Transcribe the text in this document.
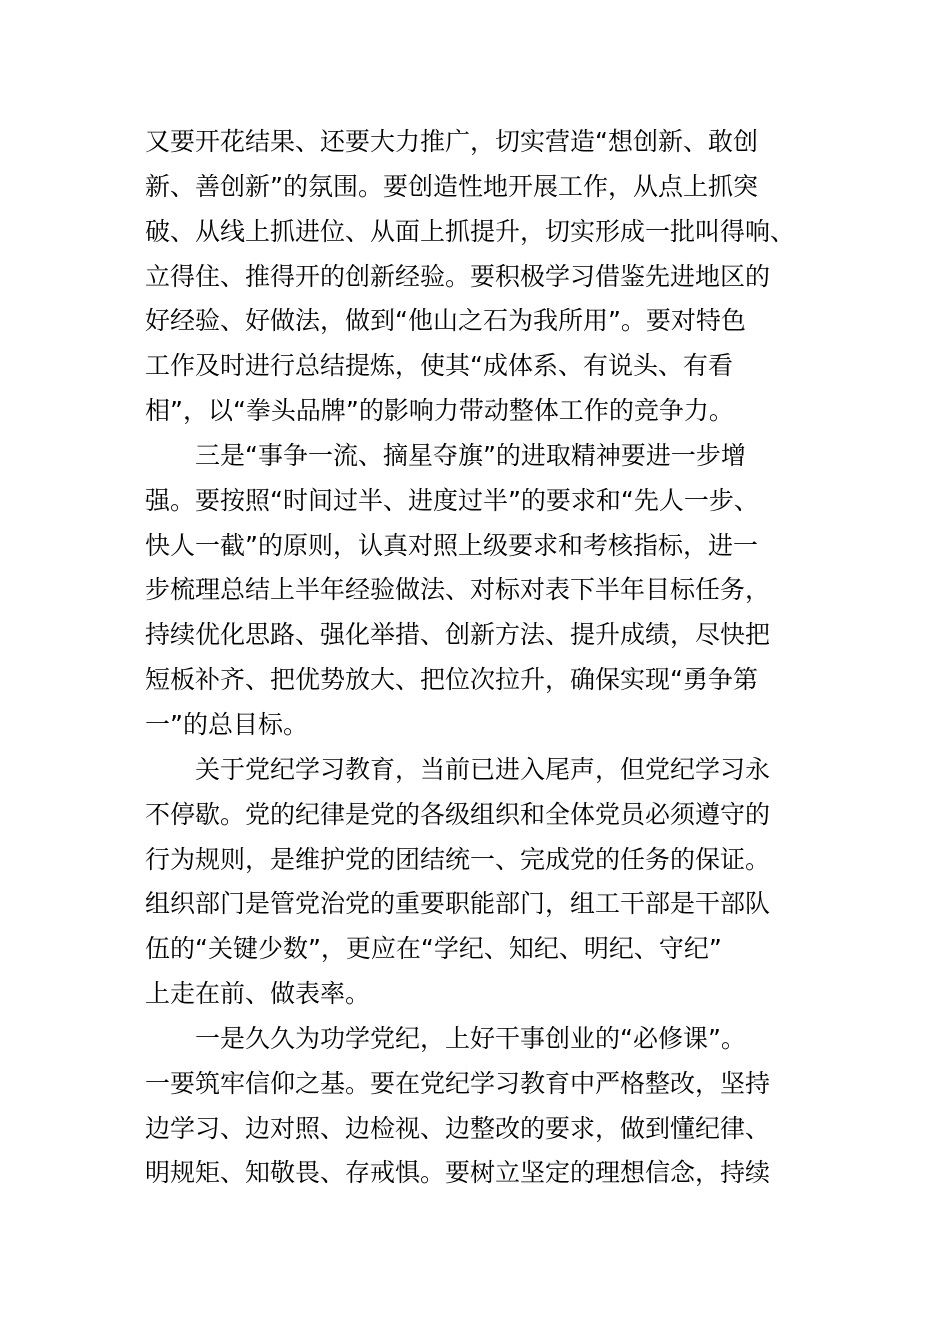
又要开花结果、还要大力推广，切实营造“想创新、敢创
新、善创新”的氛围。要创造性地开展工作，从点上抓突
破、从线上抓进位、从面上抓提升，切实形成一批叫得响、
立得住、推得开的创新经验。要积极学习借鉴先进地区的
好经验、好做法，做到“他山之石为我所用”。要对特色
工作及时进行总结提炼，使其“成体系、有说头、有看
相”，以“拳头品牌”的影响力带动整体工作的竞争力。
三是“事争一流、摘星夺旗”的进取精神要进一步增
强。要按照“时间过半、进度过半”的要求和“先人一步、
快人一截”的原则，认真对照上级要求和考核指标，进一
步梳理总结上半年经验做法、对标对表下半年目标任务，
持续优化思路、强化举措、创新方法、提升成绩，尽快把
短板补齐、把优势放大、把位次拉升，确保实现“勇争第
一”的总目标。
关于党纪学习教育，当前已进入尾声，但党纪学习永
不停歇。党的纪律是党的各级组织和全体党员必须遵守的
行为规则，是维护党的团结统一、完成党的任务的保证。
组织部门是管党治党的重要职能部门，组工干部是干部队
伍的“关键少数”，更应在“学纪、知纪、明纪、守纪”
上走在前、做表率。
一是久久为功学党纪，上好干事创业的“必修课”。
一要筑牢信仰之基。要在党纪学习教育中严格整改，坚持
边学习、边对照、边检视、边整改的要求，做到懂纪律、
明规矩、知敬畏、存戒惧。要树立坚定的理想信念，持续
